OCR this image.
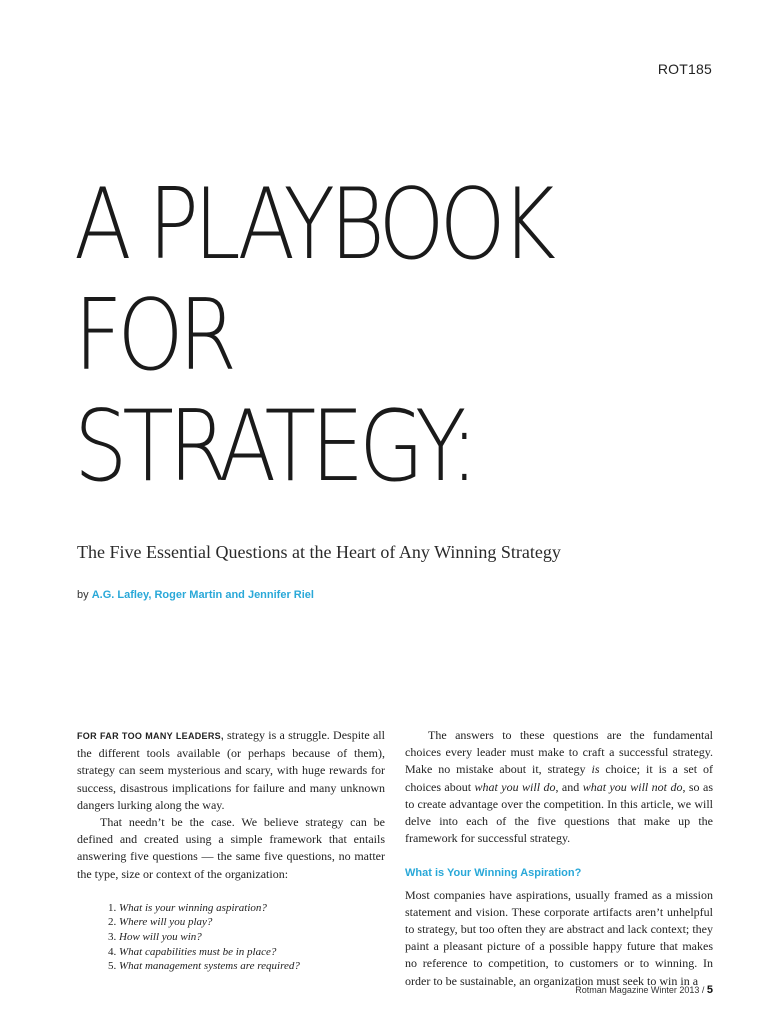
ROT185
A PLAYBOOK
FOR
STRATEGY:
The Five Essential Questions at the Heart of Any Winning Strategy
by A.G. Lafley, Roger Martin and Jennifer Riel

FOR FAR TOO MANY LEADERS, strategy is a struggle. Despite all the different tools available (or perhaps because of them), strategy can seem mysterious and scary, with huge rewards for success, disastrous implications for failure and many unknown dangers lurking along the way.

That needn’t be the case. We believe strategy can be defined and created using a simple framework that entails answering five questions — the same five questions, no matter the type, size or context of the organization:

1. What is your winning aspiration?
2. Where will you play?
3. How will you win?
4. What capabilities must be in place?
5. What management systems are required?

The answers to these questions are the fundamental choices every leader must make to craft a successful strategy. Make no mistake about it, strategy is choice; it is a set of choices about what you will do, and what you will not do, so as to create advantage over the competition. In this article, we will delve into each of the five questions that make up the framework for successful strategy.

What is Your Winning Aspiration?

Most companies have aspirations, usually framed as a mission statement and vision. These corporate artifacts aren’t unhelpful to strategy, but too often they are abstract and lack context; they paint a pleasant picture of a possible happy future that makes no reference to competition, to customers or to winning. In order to be sustainable, an organization must seek to win in a

Rotman Magazine Winter 2013 / 5
